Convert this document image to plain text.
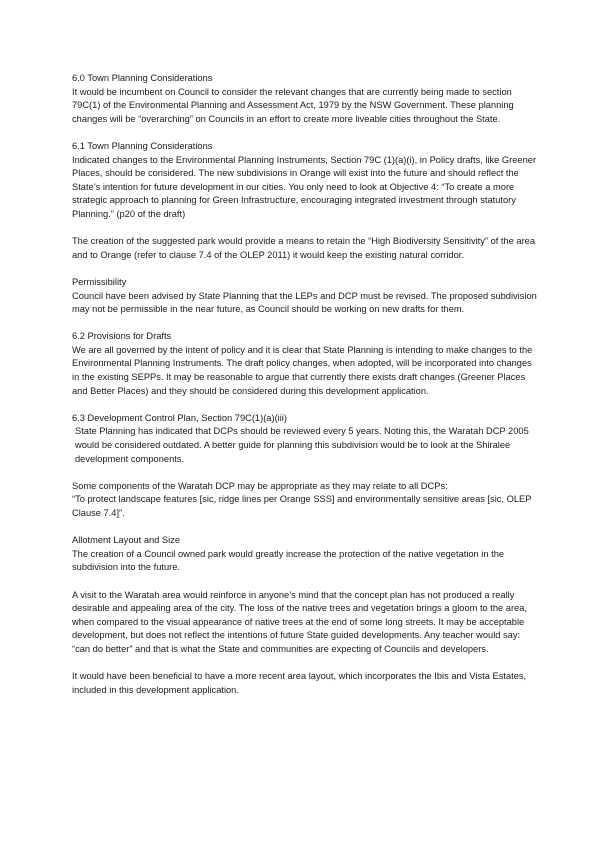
6.0 Town Planning Considerations

It would be incumbent on Council to consider the relevant changes that are currently being made to section 79C(1) of the Environmental Planning and Assessment Act, 1979 by the NSW Government. These planning changes will be “overarching” on Councils in an effort to create more liveable cities throughout the State.

6.1 Town Planning Considerations

Indicated changes to the Environmental Planning Instruments, Section 79C (1)(a)(i), in Policy drafts, like Greener Places, should be considered. The new subdivisions in Orange will exist into the future and should reflect the State’s intention for future development in our cities. You only need to look at Objective 4: “To create a more strategic approach to planning for Green Infrastructure, encouraging integrated investment through statutory Planning.” (p20 of the draft)

The creation of the suggested park would provide a means to retain the “High Biodiversity Sensitivity” of the area and to Orange (refer to clause 7.4 of the OLEP 2011) it would keep the existing natural corridor.

Permissibility

Council have been advised by State Planning that the LEPs and DCP must be revised. The proposed subdivision may not be permissible in the near future, as Council should be working on new drafts for them.

6.2 Provisions for Drafts

We are all governed by the intent of policy and it is clear that State Planning is intending to make changes to the Environmental Planning Instruments. The draft policy changes, when adopted, will be incorporated into changes in the existing SEPPs. It may be reasonable to argue that currently there exists draft changes (Greener Places and Better Places) and they should be considered during this development application.

6.3 Development Control Plan, Section 79C(1)(a)(iii)

State Planning has indicated that DCPs should be reviewed every 5 years. Noting this, the Waratah DCP 2005 would be considered outdated. A better guide for planning this subdivision would be to look at the Shiralee development components.

Some components of the Waratah DCP may be appropriate as they may relate to all DCPs:

“To protect landscape features [sic, ridge lines per Orange SSS] and environmentally sensitive areas [sic, OLEP Clause 7.4]”.

Allotment Layout and Size

The creation of a Council owned park would greatly increase the protection of the native vegetation in the subdivision into the future.

A visit to the Waratah area would reinforce in anyone’s mind that the concept plan has not produced a really desirable and appealing area of the city. The loss of the native trees and vegetation brings a gloom to the area, when compared to the visual appearance of native trees at the end of some long streets. It may be acceptable development, but does not reflect the intentions of future State guided developments. Any teacher would say: “can do better” and that is what the State and communities are expecting of Councils and developers.

It would have been beneficial to have a more recent area layout, which incorporates the Ibis and Vista Estates, included in this development application.
